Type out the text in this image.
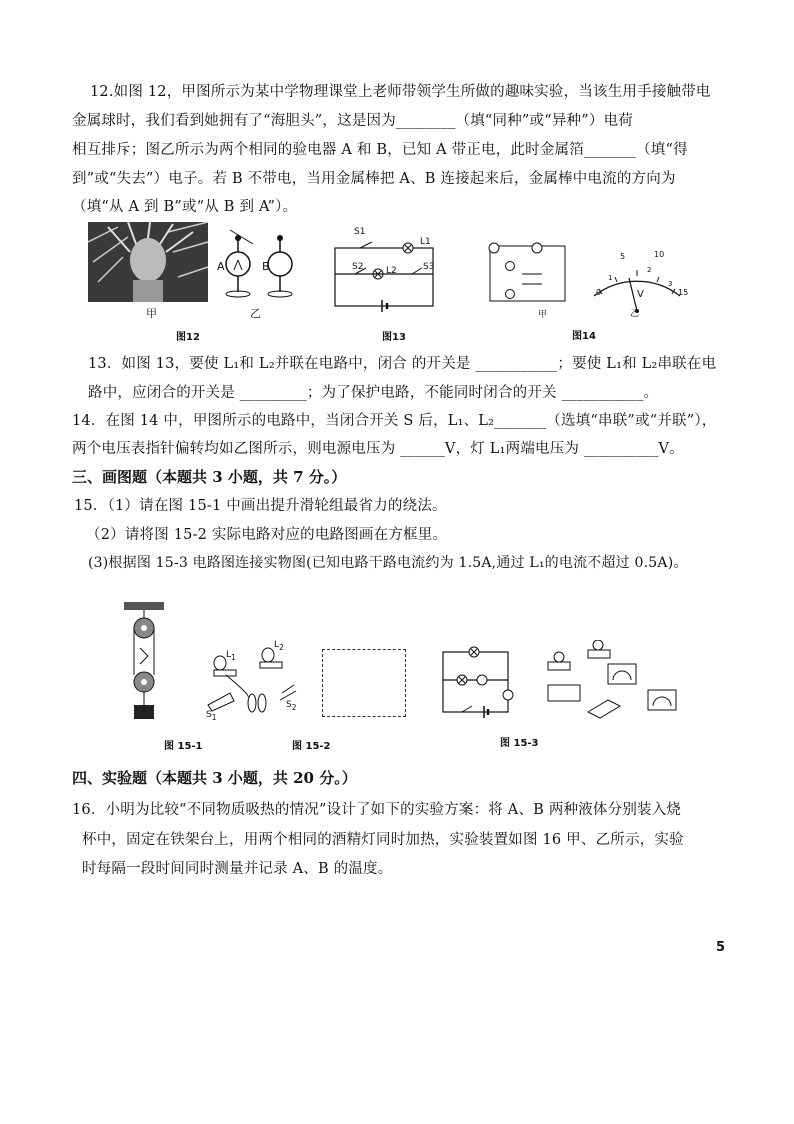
12.如图 12，甲图所示为某中学物理课堂上老师带领学生所做的趣味实验，当该生用手接触带电
金属球时，我们看到她拥有了“海胆头”，这是因为________（填“同种”或“异种”）电荷
相互排斥；图乙所示为两个相同的验电器 A 和 B，已知 A 带正电，此时金属箔_______（填“得
到”或“失去”）电子。若 B 不带电，当用金属棒把 A、B 连接起来后，金属棒中电流的方向为
（填“从 A 到 B”或“从 B 到 A”）。
A	B
甲	乙
图12
S1
L1
S2	L2	S3
图13
0
5	10
15
1
2
3
V
甲	乙
图14
13．如图 13，要使 L₁和 L₂并联在电路中，闭合 的开关是 ___________；要使 L₁和 L₂串联在电
路中，应闭合的开关是 _________；为了保护电路，不能同时闭合的开关 ___________。
14．在图 14 中，甲图所示的电路中，当闭合开关 S 后，L₁、L₂_______（选填“串联”或“并联”），
两个电压表指针偏转均如乙图所示，则电源电压为 ______V，灯 L₁两端电压为 __________V。
三、画图题（本题共 3 小题，共 7 分。）
15．（1）请在图 15-1 中画出提升滑轮组最省力的绕法。
（2）请将图 15-2 实际电路对应的电路图画在方框里。
(3)根据图 15-3 电路图连接实物图(已知电路干路电流约为 1.5A,通过 L₁的电流不超过 0.5A)。
$L_1$
$L_2$
$S_1$
$S_2$
图 15-1	图 15-2	图 15-3
四、实验题（本题共 3 小题，共 20 分。）
16．小明为比较“不同物质吸热的情况”设计了如下的实验方案：将 A、B 两种液体分别装入烧
杯中，固定在铁架台上，用两个相同的酒精灯同时加热，实验装置如图 16 甲、乙所示，实验
时每隔一段时间同时测量并记录 A、B 的温度。
5
